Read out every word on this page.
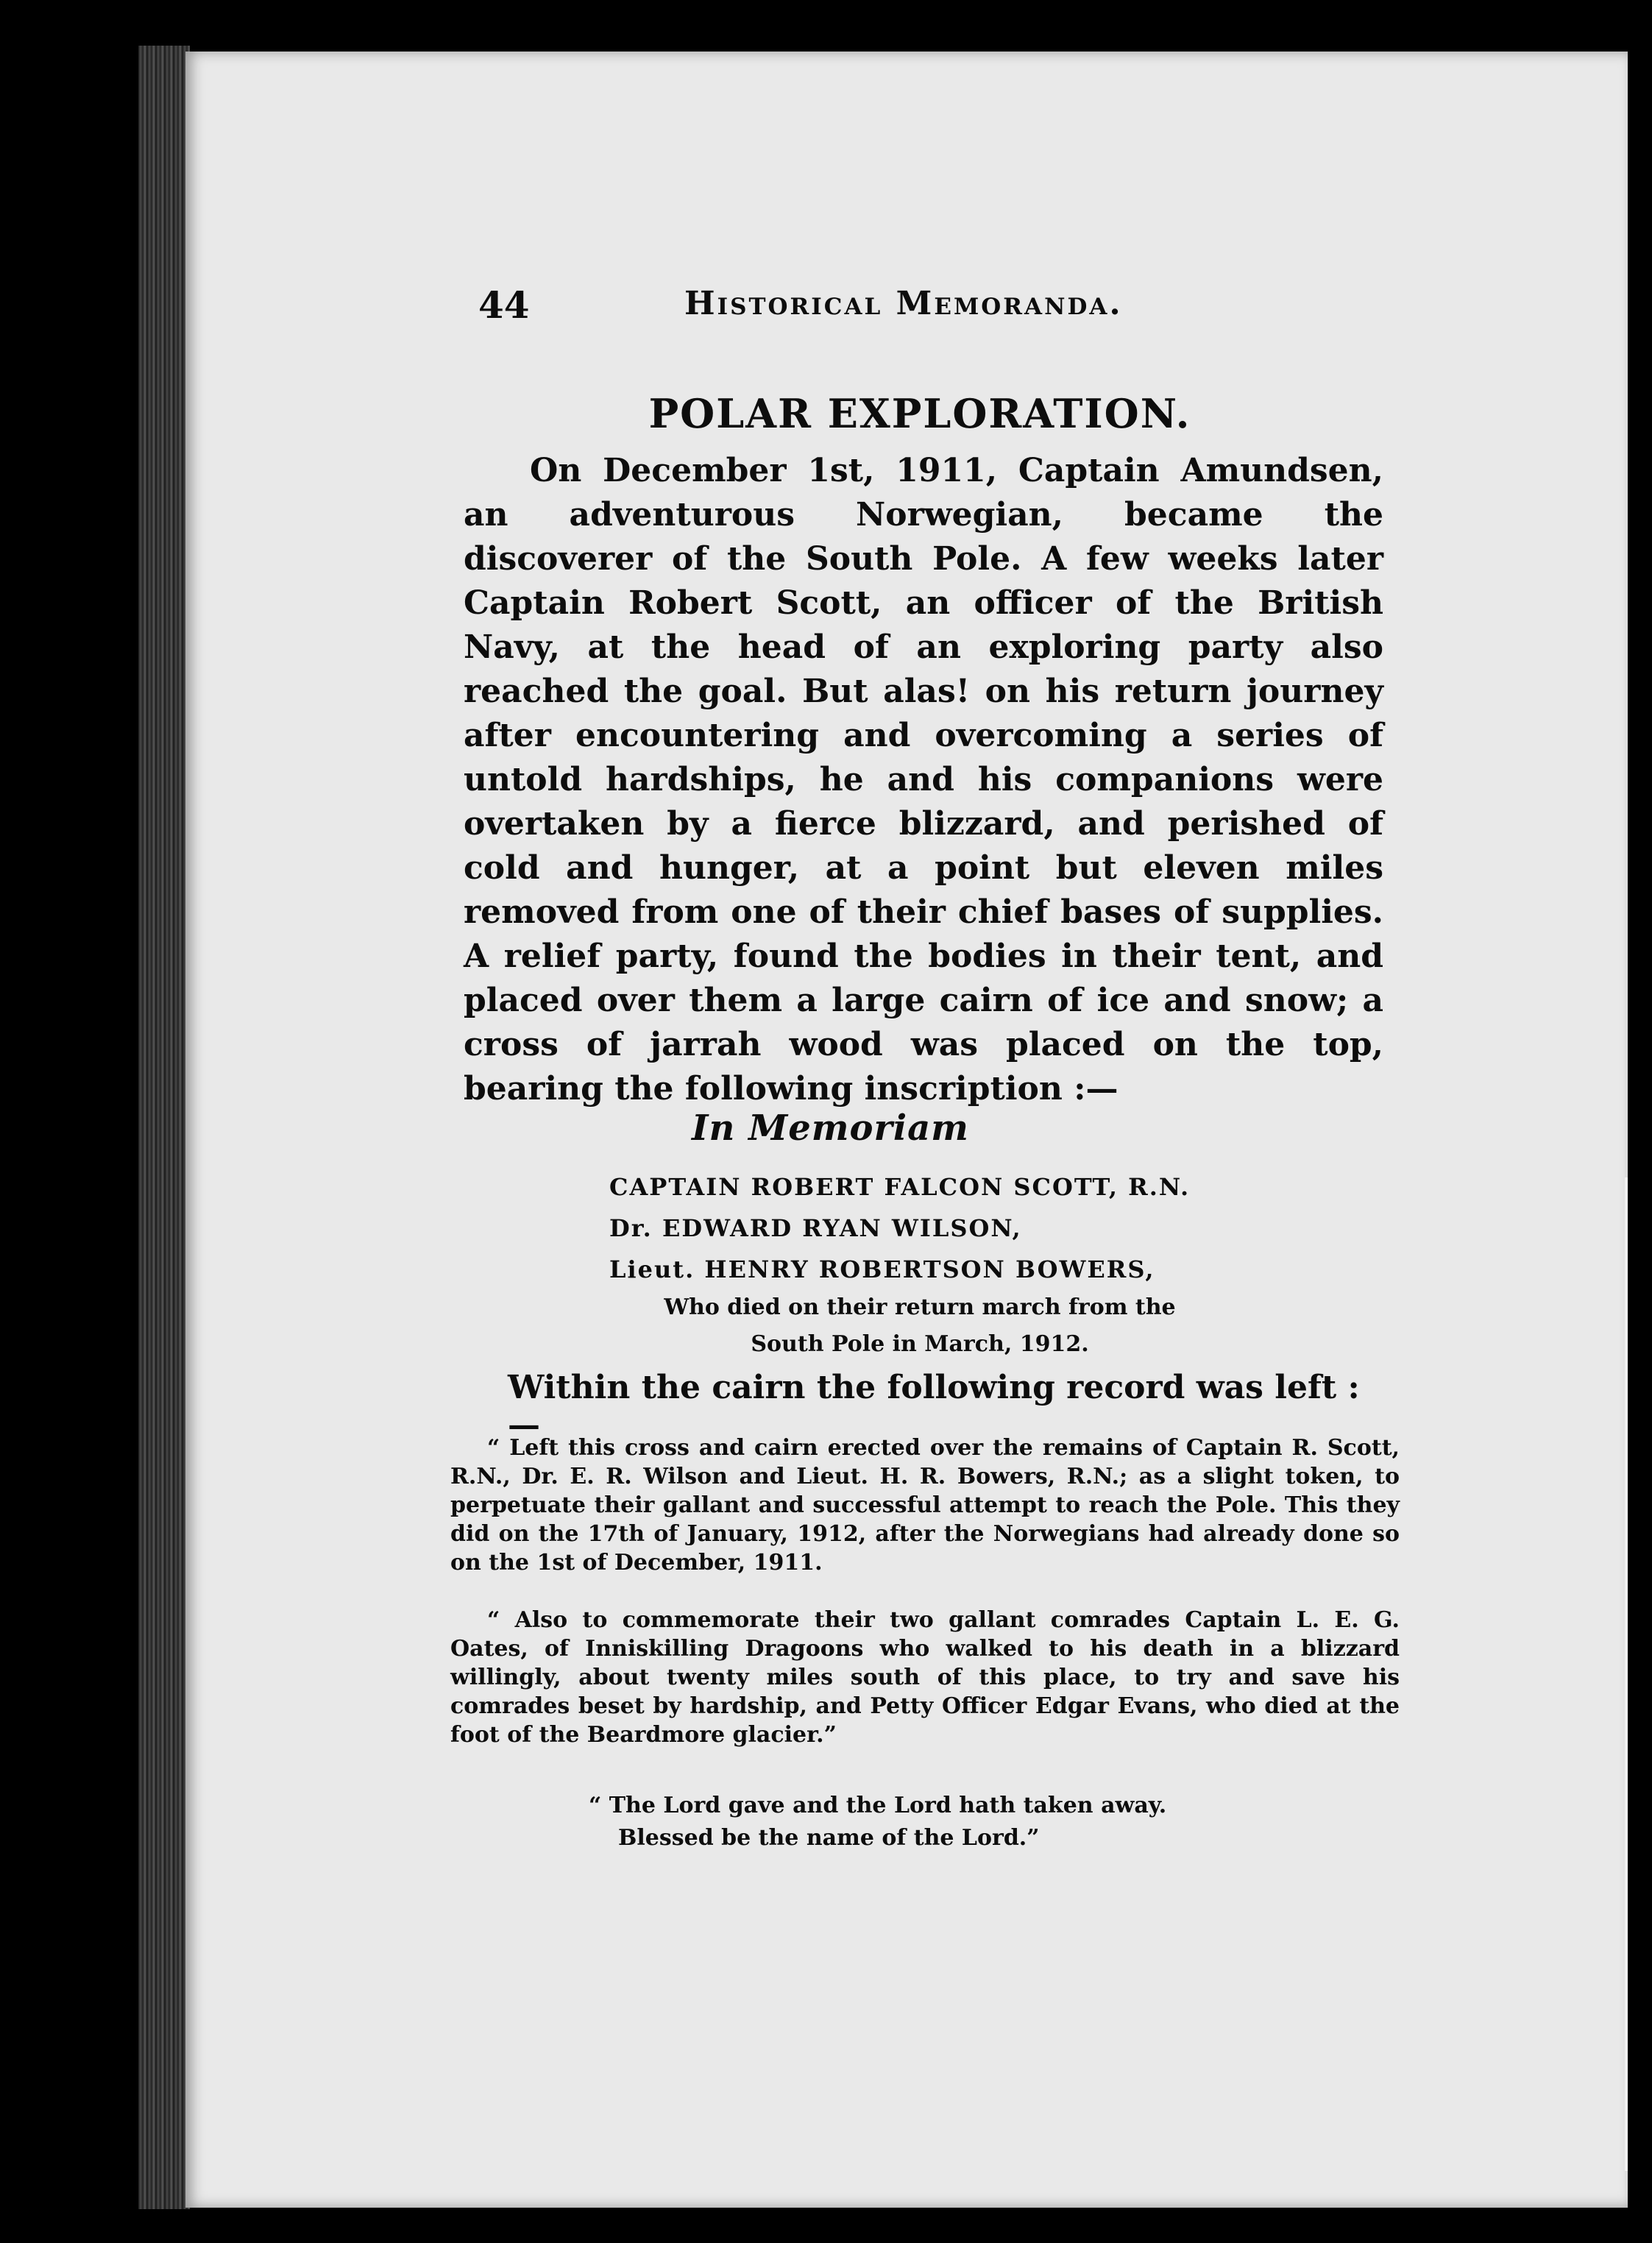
44	Historical Memoranda.
POLAR EXPLORATION.

On December 1st, 1911, Captain Amundsen, an adventurous Norwegian, became the discoverer of the South Pole. A few weeks later Captain Robert Scott, an officer of the British Navy, at the head of an exploring party also reached the goal. But alas! on his return journey after encountering and overcoming a series of untold hardships, he and his companions were overtaken by a fierce blizzard, and perished of cold and hunger, at a point but eleven miles removed from one of their chief bases of supplies. A relief party, found the bodies in their tent, and placed over them a large cairn of ice and snow; a cross of jarrah wood was placed on the top, bearing the following inscription :—

In Memoriam
CAPTAIN ROBERT FALCON SCOTT, R.N.
Dr. EDWARD RYAN WILSON,
Lieut. HENRY ROBERTSON BOWERS,

Who died on their return march from the
South Pole in March, 1912.

Within the cairn the following record was left :—

“ Left this cross and cairn erected over the remains of Captain R. Scott, R.N., Dr. E. R. Wilson and Lieut. H. R. Bowers, R.N.; as a slight token, to perpetuate their gallant and successful attempt to reach the Pole. This they did on the 17th of January, 1912, after the Norwegians had already done so on the 1st of December, 1911.

“ Also to commemorate their two gallant comrades Captain L. E. G. Oates, of Inniskilling Dragoons who walked to his death in a blizzard willingly, about twenty miles south of this place, to try and save his comrades beset by hardship, and Petty Officer Edgar Evans, who died at the foot of the Beardmore glacier.”

“ The Lord gave and the Lord hath taken away.
Blessed be the name of the Lord.”
